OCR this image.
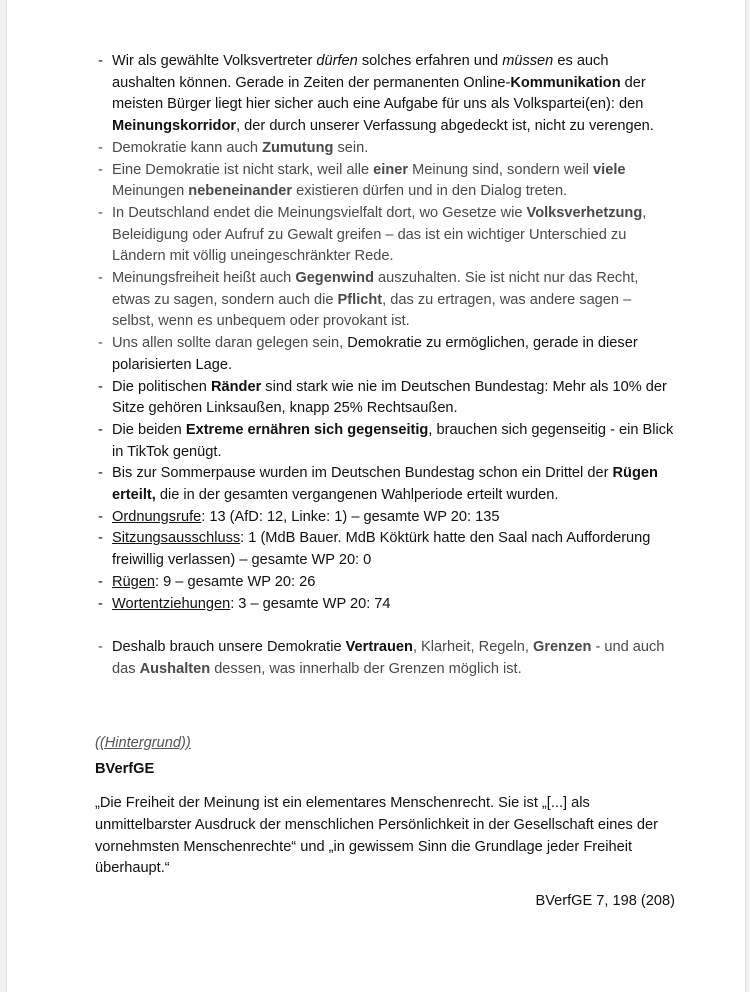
- Wir als gewählte Volksvertreter dürfen solches erfahren und müssen es auch aushalten können. Gerade in Zeiten der permanenten Online-Kommunikation der meisten Bürger liegt hier sicher auch eine Aufgabe für uns als Volkspartei(en): den Meinungskorridor, der durch unserer Verfassung abgedeckt ist, nicht zu verengen.
- Demokratie kann auch Zumutung sein.
- Eine Demokratie ist nicht stark, weil alle einer Meinung sind, sondern weil viele Meinungen nebeneinander existieren dürfen und in den Dialog treten.
- In Deutschland endet die Meinungsvielfalt dort, wo Gesetze wie Volksverhetzung, Beleidigung oder Aufruf zu Gewalt greifen – das ist ein wichtiger Unterschied zu Ländern mit völlig uneingeschränkter Rede.
- Meinungsfreiheit heißt auch Gegenwind auszuhalten. Sie ist nicht nur das Recht, etwas zu sagen, sondern auch die Pflicht, das zu ertragen, was andere sagen – selbst, wenn es unbequem oder provokant ist.
- Uns allen sollte daran gelegen sein, Demokratie zu ermöglichen, gerade in dieser polarisierten Lage.
- Die politischen Ränder sind stark wie nie im Deutschen Bundestag: Mehr als 10% der Sitze gehören Linksaußen, knapp 25% Rechtsaußen.
- Die beiden Extreme ernähren sich gegenseitig, brauchen sich gegenseitig - ein Blick in TikTok genügt.
- Bis zur Sommerpause wurden im Deutschen Bundestag schon ein Drittel der Rügen erteilt, die in der gesamten vergangenen Wahlperiode erteilt wurden.
- Ordnungsrufe: 13 (AfD: 12, Linke: 1) – gesamte WP 20: 135
- Sitzungsausschluss: 1 (MdB Bauer. MdB Köktürk hatte den Saal nach Aufforderung freiwillig verlassen) – gesamte WP 20: 0
- Rügen: 9 – gesamte WP 20: 26
- Wortentziehungen: 3 – gesamte WP 20: 74
- Deshalb brauch unsere Demokratie Vertrauen, Klarheit, Regeln, Grenzen - und auch das Aushalten dessen, was innerhalb der Grenzen möglich ist.
((Hintergrund))
BVerfGE
„Die Freiheit der Meinung ist ein elementares Menschenrecht. Sie ist „[...] als unmittelbarster Ausdruck der menschlichen Persönlichkeit in der Gesellschaft eines der vornehmsten Menschenrechte“ und „in gewissem Sinn die Grundlage jeder Freiheit überhaupt.“
BVerfGE 7, 198 (208)
